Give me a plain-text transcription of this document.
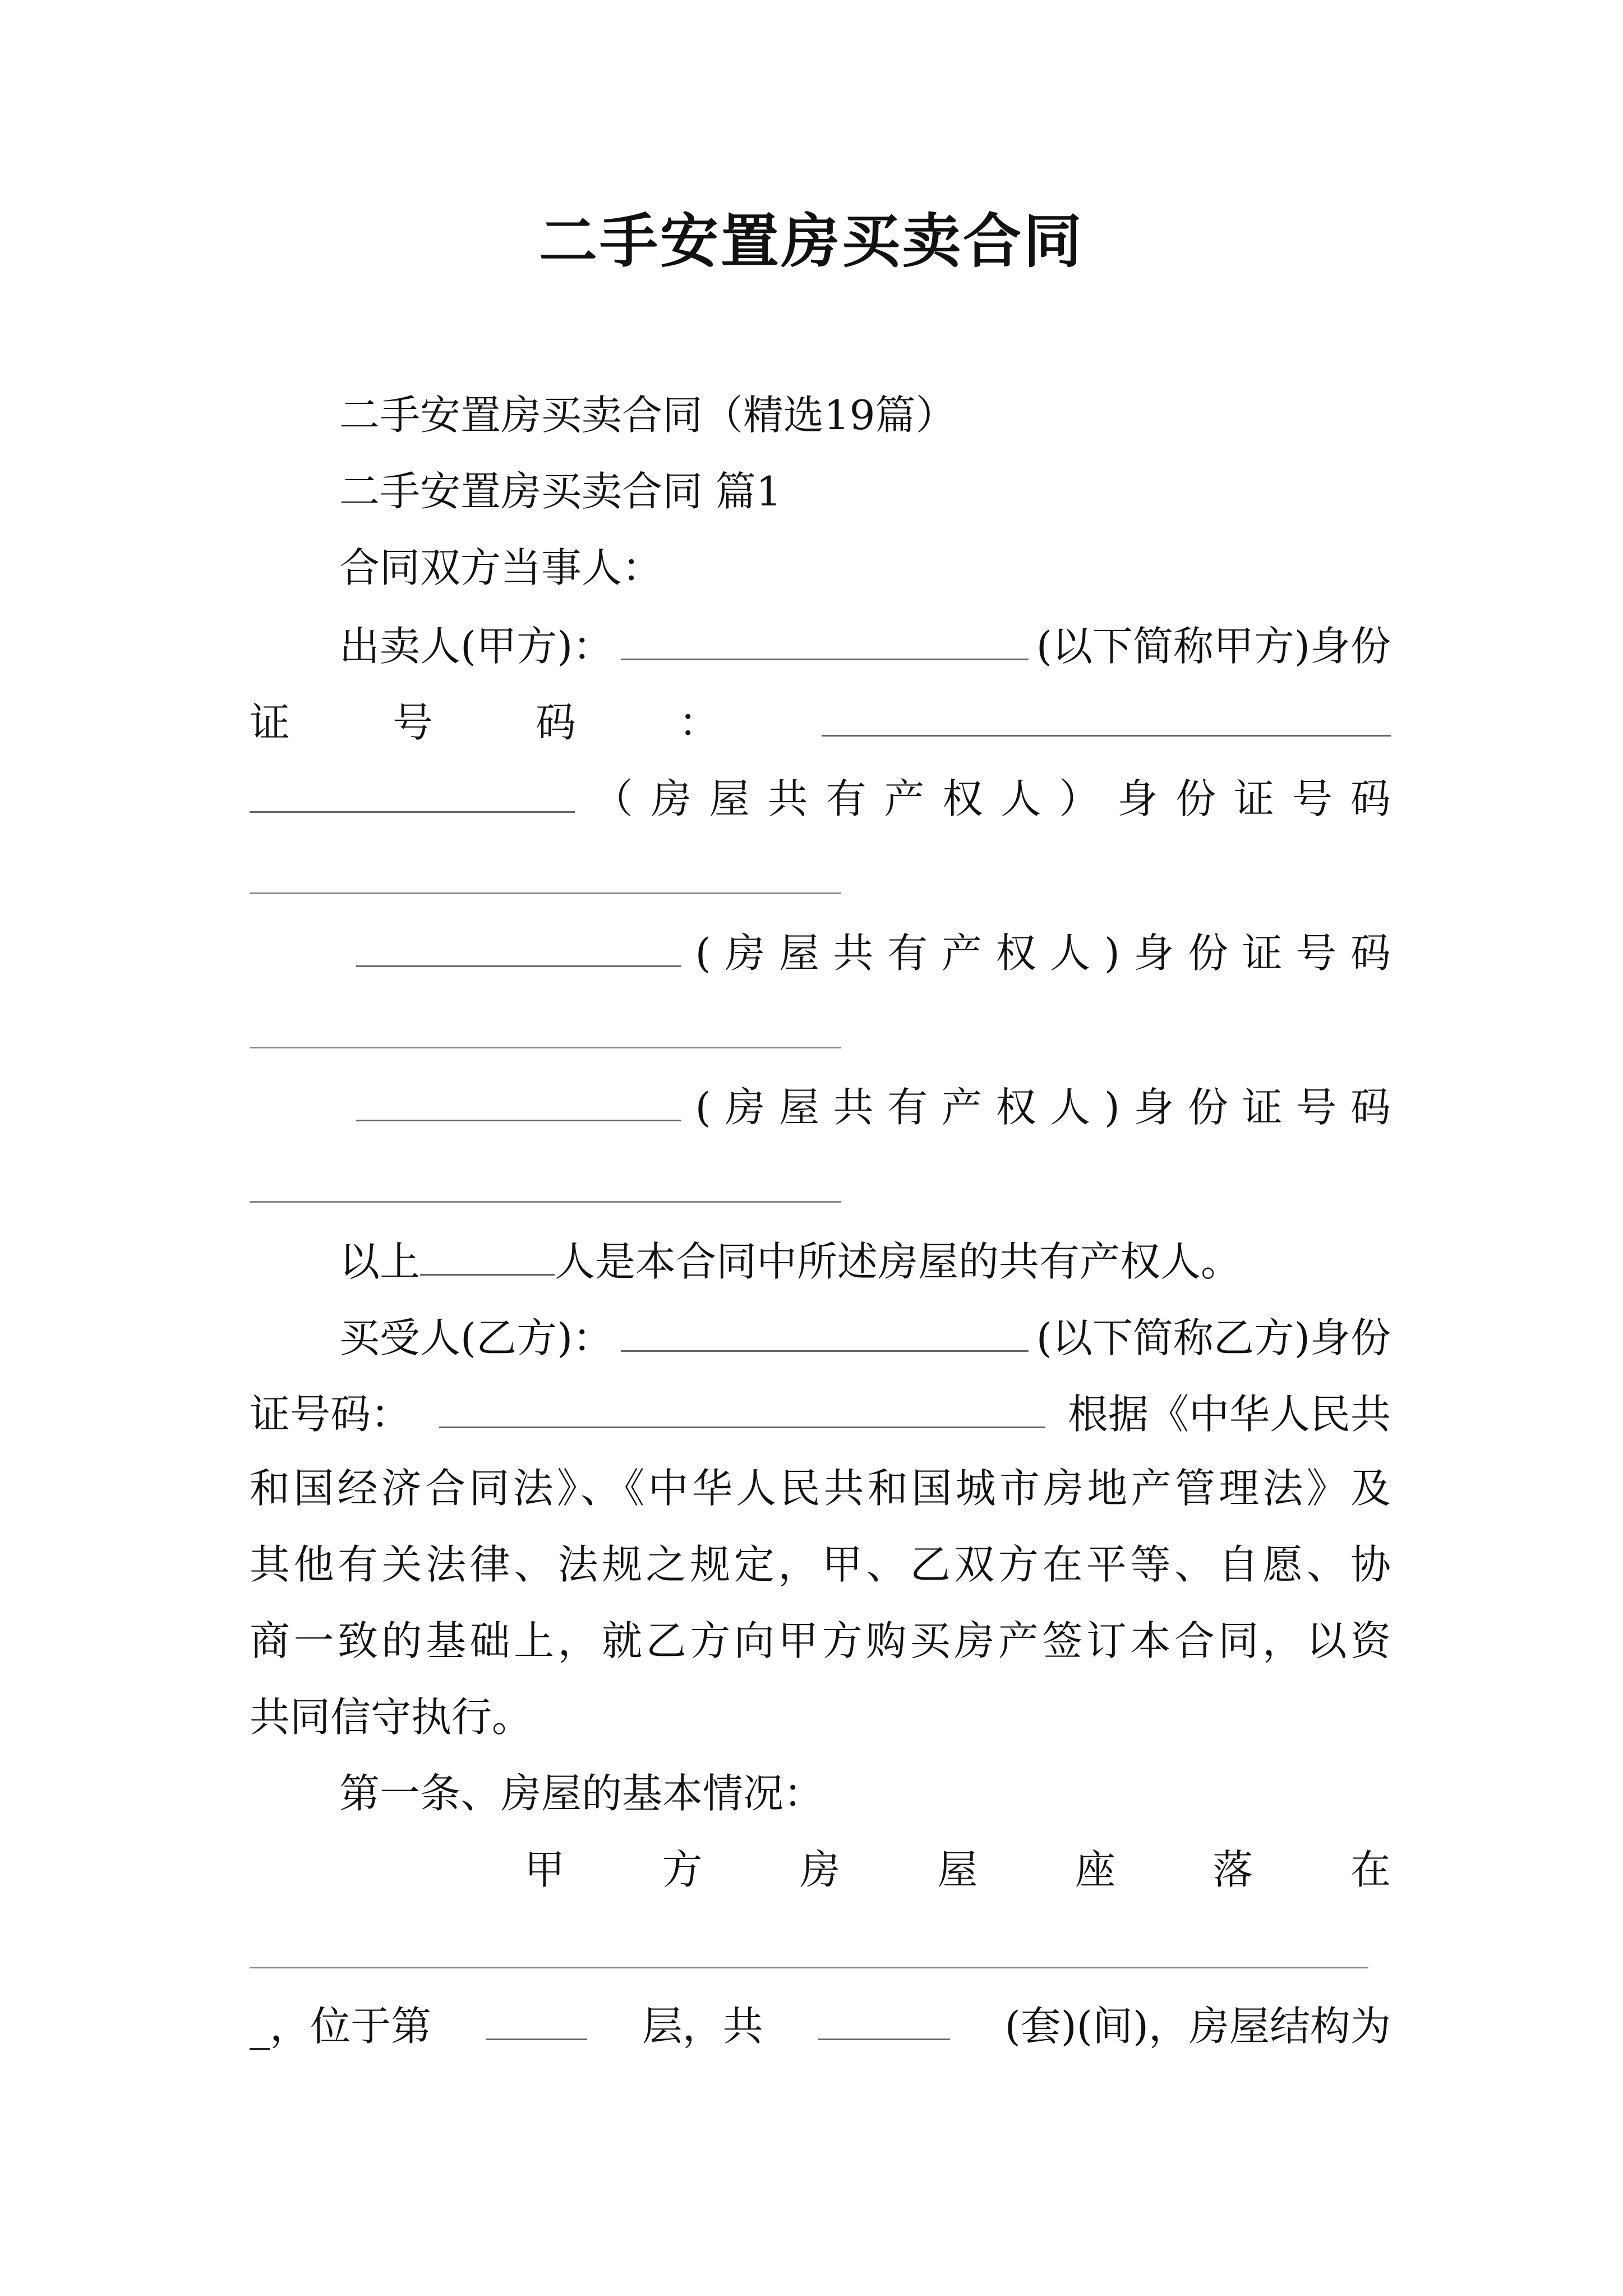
二手安置房买卖合同
二手安置房买卖合同（精选19篇）
二手安置房买卖合同 篇1
合同双方当事人：
出卖人(甲方)：	(以下简称甲方)身份
证	号	码	：
（ 房 屋 共 有 产 权 人 ） 身 份 证 号 码
( 房 屋 共 有 产 权 人 ) 身 份 证 号 码
( 房 屋 共 有 产 权 人 ) 身 份 证 号 码
以上	人是本合同中所述房屋的共有产权人。
买受人(乙方)：	(以下简称乙方)身份
证号码：	根据《中华人民共
和国经济合同法》、《中华人民共和国城市房地产管理法》及
其他有关法律、法规之规定，甲、乙双方在平等、自愿、协
商一致的基础上，就乙方向甲方购买房产签订本合同，以资
共同信守执行。
第一条、房屋的基本情况：
甲 方 房 屋 座 落 在
_，位于第	层，共	(套)(间)，房屋结构为
